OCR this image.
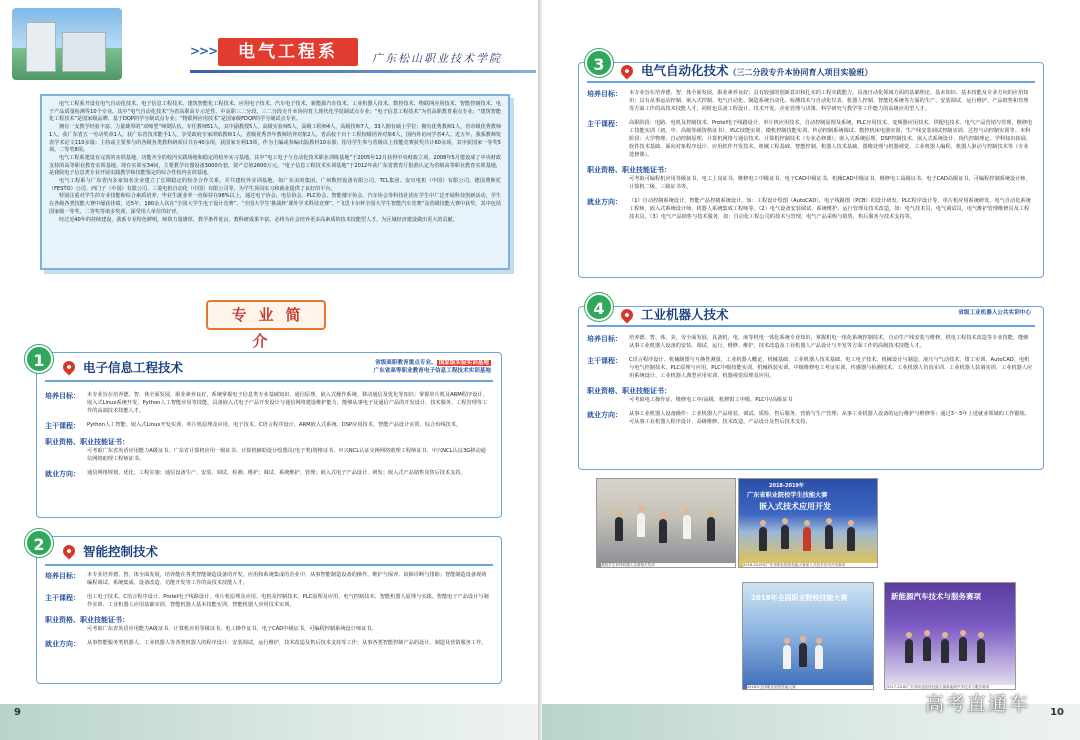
>>>	电气工程系	广东松山职业技术学院

电气工程系开设有电气自动化技术、电子信息工程技术、建筑智能化工程技术、应用电子技术、汽车电子技术、新能源汽车技术、工业机器人技术、数控技术、物联网应用技术、智能控制技术、电子产品质量检测等10个专业。其中“电气自动化技术”为省高职高专示范性、中高职三二分段、三二分段专升本协同育人现代化学徒制试点专业；“电子信息工程技术”为省高职教育重点专业；“建筑智能化工程技术”是国家级品牌、基于DQP的学分制试点专业；“物联网应用技术”是国家级FDQP的学分制试点专业。

拥有一支教学经验丰富、力量雄厚的“双师型”师资队伍。专任教师51人，其中副教授5人，高级实验师5人，高级工程师4人，高级技师7人，33人拥有硕士学位；拥有优秀教师1人，省市级优秀教师1人，获广东省五一劳动奖章1人，获广东省技术能手1人，享受政府专家津贴教师1人，省级优秀青年教师培养对象2人。省高校千百十工程校级培养对象6人，国内外访问学者4人。近五年，我系教师发表学术论文110多篇；主持或主要参与的各级各类教科研项目共有40余项，获国家专利13项，作为主编或参编出版教材10余部；指导学生参与省级以上技能竞赛获奖共计60余项，其中获国家一等奖5项、二等奖8项。

电气工程系建设有完善的实训基地，功能齐全的校内实践场地和稳定的校外实习基地。其中“电工电子与自动化技术职业训练基地”于2005年12月获得中央财政立项，2008年5月建设成了中央财政支持的高等职业教育实训基地。现有实训室34间，主要教学仪器设备3000台套，资产总值2600万元。“电子信息工程技术实训基地”于2012年获广东省教育厅批准认定为省级高等职业教育实训基地，是我院电子信息类专业开展实践教学和技能鉴定的综合性校内实训基地。

电气工程系与广东省内多家知名企业建立了长期稳定的校企合作关系，并共建校外实训基地，如广东美的集团、广州数控设备有限公司、TCL集团、安川电机（中国）有限公司、德国费斯托（FESTO）公司、西门子（中国）有限公司、三菱电机自动化（中国）有限公司等，为学生顶岗实习和就业提供了良好的平台。

特别注重对学生的专业技能和综合素质培养，毕业生就业率一直保持在98%以上，通过电子协会、电信协会、PLC协会、智能楼宇协会、汽车协会等科技社团在学生中广泛开展科技创新活动，学生在各级各类技能大赛中屡获佳绩，近5年，180余人次在“全国大学生电子设计竞赛”、“全国大学生‘挑战杯’课外学术科技竞赛”、“飞思卡尔杯全国大学生智能汽车竞赛”及省级技能大赛中获奖，其中包括国家级一等奖、二等奖等诸多奖项，深受用人单位的好评。

经过近40年的持续建设，我系专业特色鲜明，师资力量雄厚，教学条件优良，教科研成果丰富，必将为社会培养更多高素质的技术技能型人才，为区域经济建设做出更大的贡献。

专业简介
1	电子信息工程技术	省级高职教育重点专业、 国家级实验实训基地
广东省高等职业教育电子信息工程技术实训基地
培养目标：	本专业旨在培养德、智、体全面发展，职业素养良好，系统掌握电子信息类专业基础知识、通信原理、嵌入式操作系统、移动通信及优化等知识；掌握单片机及ARM程序设计、嵌入式Linux系统开发、Python人工智能应用等技能，具备嵌入式电子产品开发设计与通信网络建设维护能力，能够从事电子及通信产品的开发设计、技术服务、工程管理等工作的高端技术技能人才。
主干课程：	Python人工智能、嵌入式Linux开发实训、单片机原理及应用、电子技术、C语言程序设计、ARM嵌入式系统、DSP应用技术、智能产品设计实训、综合布线技术。
职业资格、职业技能证书：
可考取广东省英语应用能力A级证书、广东省计算机应用一级证书、计算机辅助设计绘图员(电子类)资格证书、中兴NCL认证交换网络助理工程师证书、中兴NCL认证3G移动通信网络助理工程师证书。
就业方向：	通信网络规划、优化、工程实施；通信设备生产、安装、调试、检测、维护；调试、系统维护、管理；嵌入式电子产品设计、研发；嵌入式产品销售及售后技术支持。
2	智能控制技术
培养目标：	本专业培养德、智、体全面发展，培养能在各类智能制造设备的开发、应用和系统集成的企业中，从事智能制造设备的操作、维护与保养、故障诊断与排除；智能制造设备现场编程调试、系统集成、设备改造、功能开发等工作的高技术技能人才。
主干课程：	电工电子技术、C语言程序设计、Protel电子线路设计、单片机原理及应用、电机及控制技术、PLC原理及应用、电气控制技术、智能机器人原理与实践、智能电子产品设计与制作实训、工业机器人应用基础实训、智能机器人基本技能实训，智能机器人应用技术实训。
职业资格、职业技能证书：
可考取广东省英语应用能力A级证书，计算机应用等级证书，电工操作证书，电子CAD中级证书，可编程控制系统设计师证书。
就业方向：	从事智能服务类机器人、工业机器人等各类机器人的程序设计、安装调试，运行维护，技术改造及售后技术支持等工作；从事各类智能控制产品的设计、制造及营销服务工作。
9
3	电气自动化技术（三二分段专升本协同育人项目实验班）
培养目标：	本专业旨在培养德、智、体全面发展，职业素养良好；具有较强的创新意识和扎实的工程实践能力，具备自动化领域方面的基础理论、基本知识、基本技能及专业方向的应用知识；具有从事运动控制、嵌入式控制、电气自动化、制造系统自动化、检测技术与自动化仪表、机器人控制、智能化系统等方面的生产、安装调试、运行维护、产品销售和管理等方面工作的高技术技能人才，同时也具备工程设计、技术开发、企业管理与决策、科学研究与教学等工作能力的高级应用型人才。
主干课程：	高职阶段：电路、电机及控制技术、Protel电子线路设计、单片机应用技术、自动控制原理及系统、PLC应用技术、变频器应用技术、供配电技术、电气产品营销与管理、维修电工技能实训（初、中、高级等级资格证书）、PLC技能实训、微机控制技能实训、传动控制系统调试、数控机床电器实训、生产线安装调试控制实训、过控与动控制实训等。本科阶段：大学物理、自动控制原理、计算机网络与通信技术、计算机控制技术（专业必修课）；嵌入式系统原理、DSP控制技术、嵌入式系统设计、现代控制理论、学科知识拓展、软件技术基础、面向对象程序设计、应用软件开发技术、机械工程基础、智能控制、机器人技术基础、图像处理与机器视觉、工业机器人编程、机器人驱动与控制技术等（专业选修课）。
职业资格、职业技能证书：
可考取可编程机应用等级证书，电工上岗证书，维修电工中级证书，电子CAD中级证书，机械CAD中级证书，维修电工高级证书，电子CAD高级证书，可编程控制系统设计师，计算机二级、三级证书等。
就业方向：	（1）自动控制系统设计，智能产品控制系统设计，如：工程设计绘图（AutoCAD），电子线路图（PCB）的设计研发、PLC程序设计等、单片机应用系统研发，电气自动化系统工程师，嵌入式系统设计师，机器人系统集成工程师等。（2）电气设备安装调试、系统维护、运行管理及技术改造，如：电气技术员，电气调试员，电气维护管理维修员及工程技术员。（3）电气产品销售与技术服务，如：自动化工程公司的技术与管理，电气产品采购与销售，售后服务与技术支持等。
4	工业机器人技术	省级工业机器人公共实训中心
培养目标：	培养德、智、体、美、劳全面发展，具备机、电、液等机电一体化系统专业知识，掌握机电一体化系统控制技术，自动生产线安装与维修，机电工程技术改造等专业技能，能够从事工业机器人设备的安装、调试、运行、维修、维护、技术改造及工业机器人产品设计与开发等方面工作的高级技术技能人才。
主干课程：	C语言程序设计、机械制图与互换性测量、工业机器人概论、机械基础、工业机器人技术基础、电工电子技术、机械设计与制造、液压与气动技术、钳工实训、AutoCAD、电机与电气控制技术、PLC原理与应用、PLC中级技能实训、机械拆装实训、中级维修电工考证实训、传感器与检测技术、工业机器人仿真实训、工业机器人装调实训、工业机器人应用系统设计、工业机器人典型应用实训、机器视觉原理及应用。
职业资格、职业技能证书：
可考取电工操作证、维修电工中/高级、机修钳工中级、PLC中/高级证书
就业方向：	从事工业机器人设备操作：工业机器人产品组装、调试、质检、售后服务、营销与生产管理；从事工业机器人设备的运行维护与维修等；通过3～5年上述就业领域的工作锻炼，可从事工业机器人程序设计、高级维修、技术改造、产品设计及售后技术支持。
我院学生获得机器人竞赛相关奖项
2018-2019年
广东省职业院校学生技能大赛
嵌入式技术应用开发
2018-2019年广东省职业院校技能大赛嵌入式技术应用开发赛项
2018年全国职业院校技能大赛
2018年全国职业院校技能大赛
新能源汽车技术与服务赛项
2017-2018广东省职业院校技能大赛新能源汽车技术与服务赛项
10
高考直通车
